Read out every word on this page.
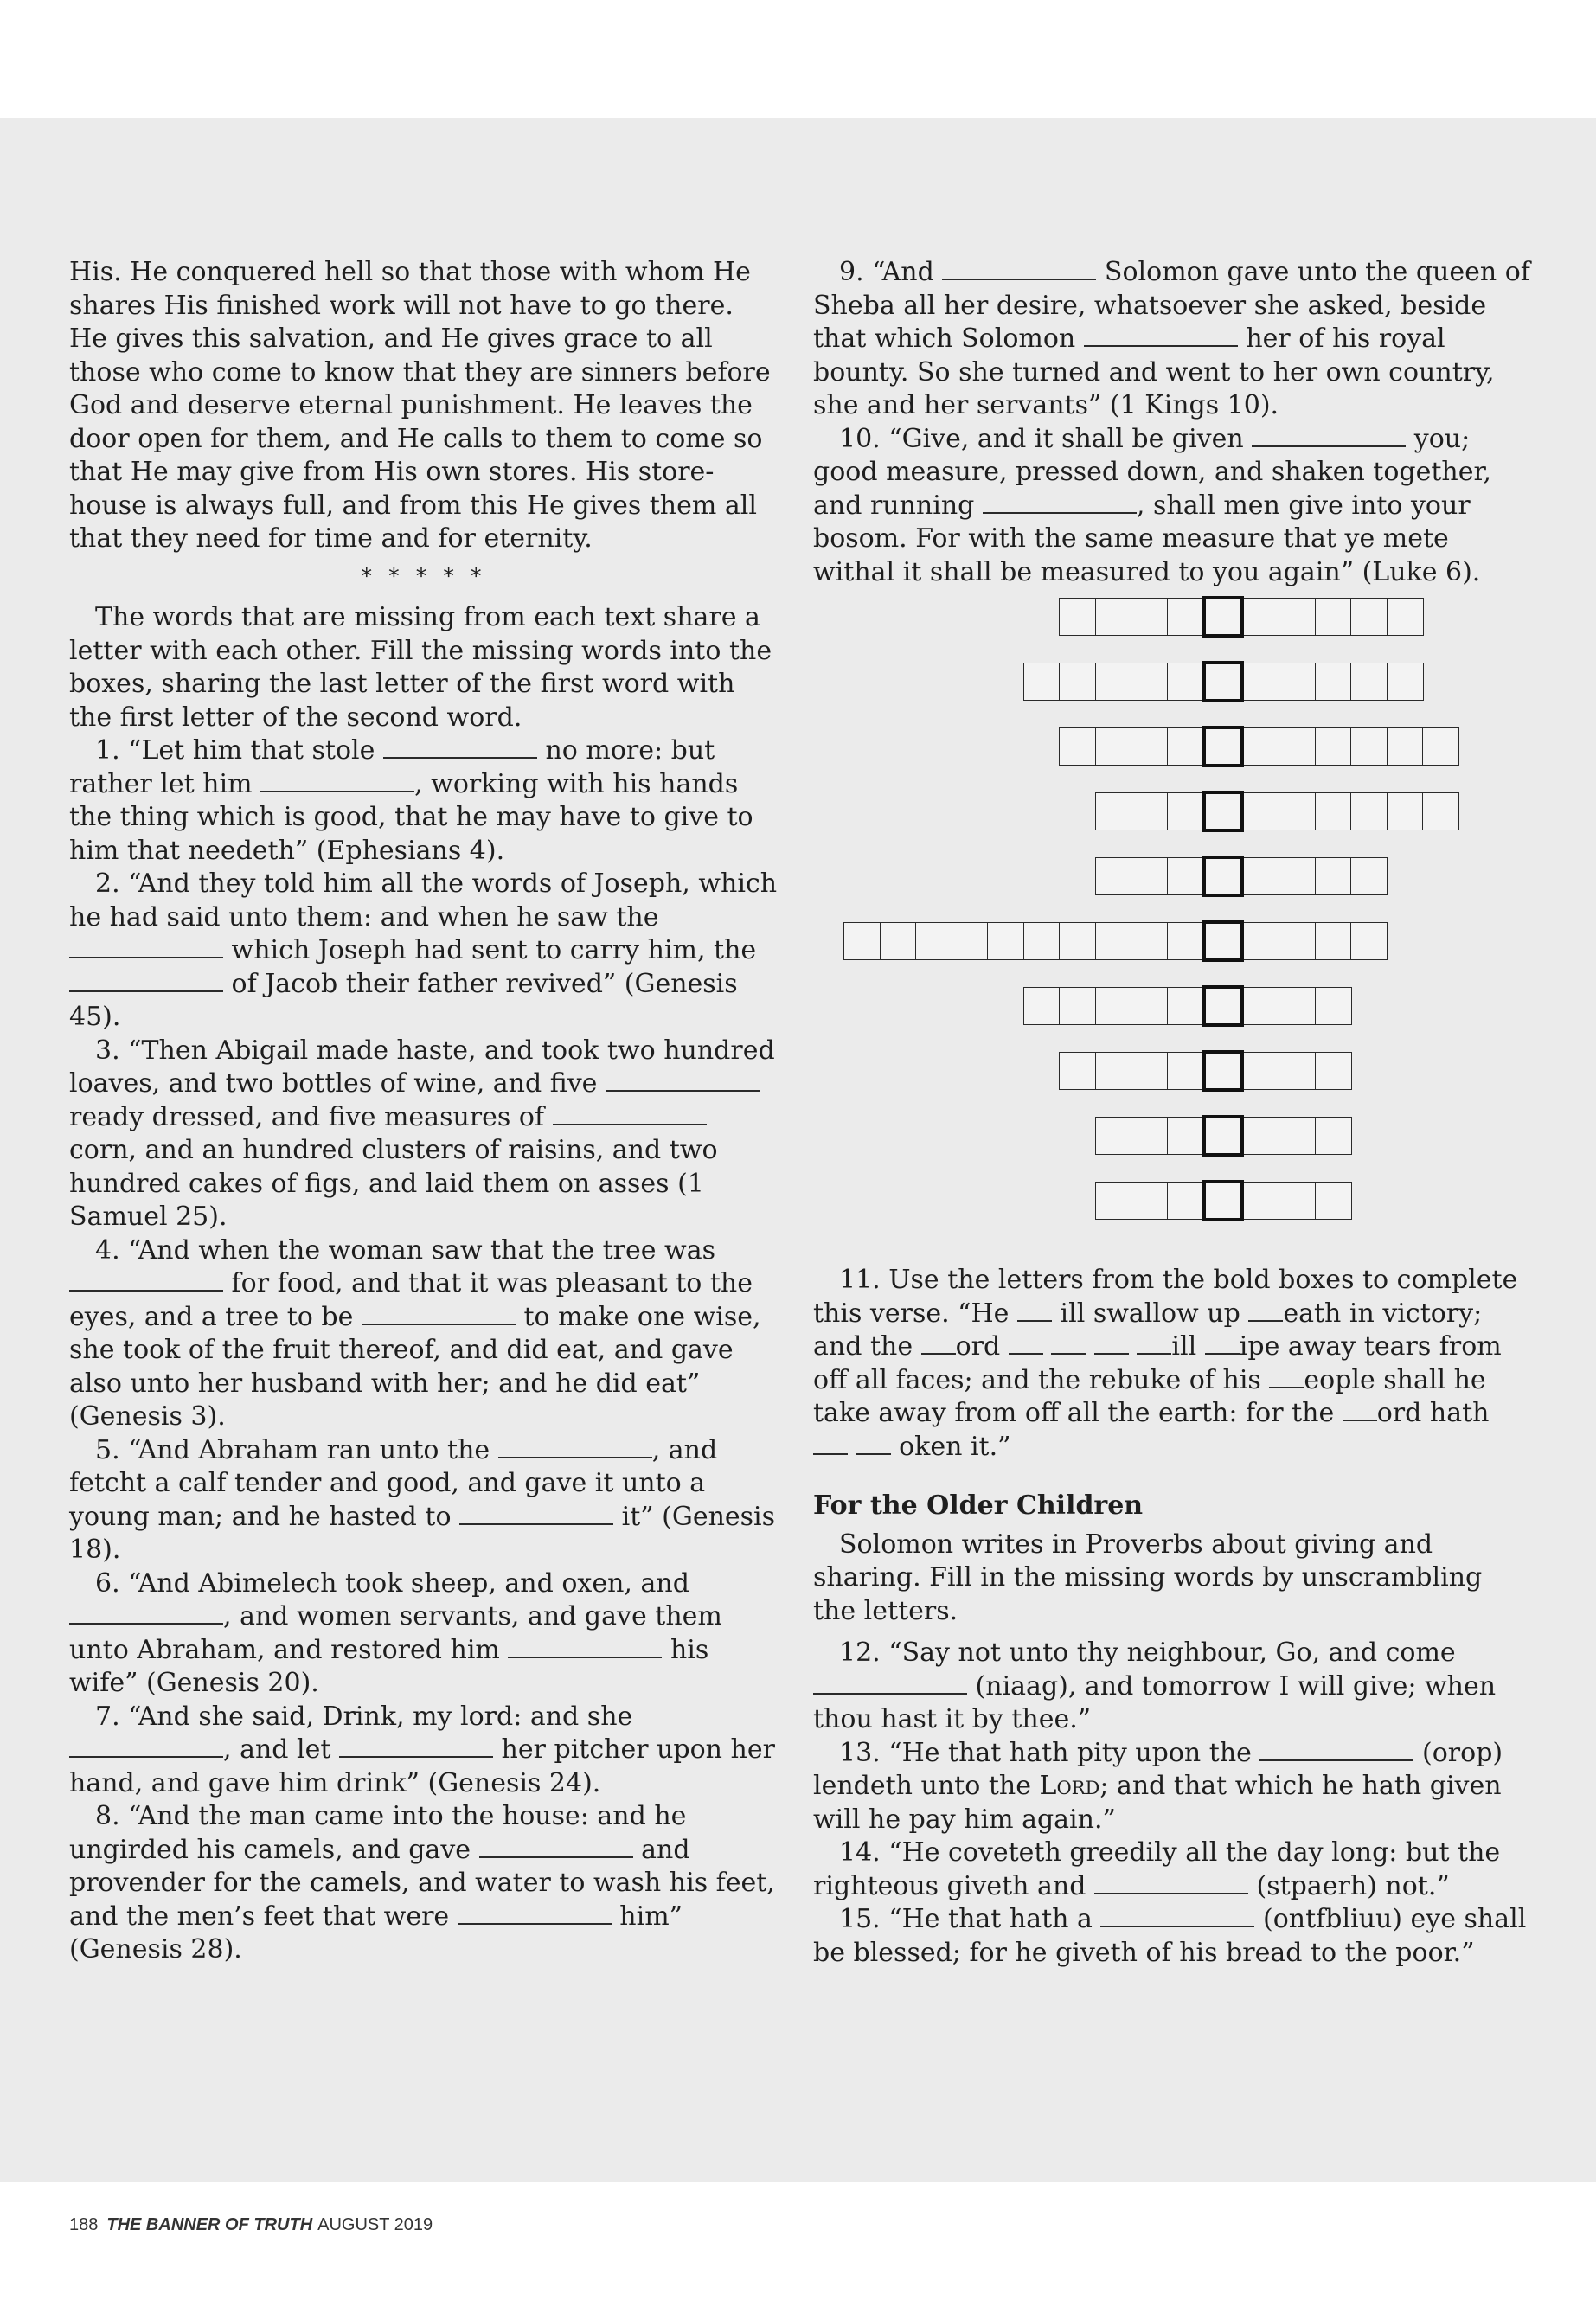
His. He conquered hell so that those with whom He shares His finished work will not have to go there. He gives this salvation, and He gives grace to all those who come to know that they are sinners before God and deserve eternal punishment. He leaves the door open for them, and He calls to them to come so that He may give from His own stores. His store-house is always full, and from this He gives them all that they need for time and for eternity.

* * * * *

The words that are missing from each text share a letter with each other. Fill the missing words into the boxes, sharing the last letter of the first word with the first letter of the second word.

1. “Let him that stole	no more: but rather let him	, working with his hands the thing which is good, that he may have to give to him that needeth” (Ephesians 4).

2. “And they told him all the words of Joseph, which he had said unto them: and when he saw the  which Joseph had sent to carry him, the  of Jacob their father revived” (Genesis 45).

3. “Then Abigail made haste, and took two hundred loaves, and two bottles of wine, and five  ready dressed, and five measures of  corn, and an hundred clusters of raisins, and two hundred cakes of figs, and laid them on asses (1 Samuel 25).

4. “And when the woman saw that the tree was  for food, and that it was pleasant to the eyes, and a tree to be	to make one wise, she took of the fruit thereof, and did eat, and gave also unto her husband with her; and he did eat” (Genesis 3).

5. “And Abraham ran unto the	, and fetcht a calf tender and good, and gave it unto a young man; and he hasted to	it” (Genesis 18).

6. “And Abimelech took sheep, and oxen, and , and women servants, and gave them unto Abraham, and restored him	his wife” (Genesis 20).

7. “And she said, Drink, my lord: and she , and let	her pitcher upon her hand, and gave him drink” (Genesis 24).

8. “And the man came into the house: and he ungirded his camels, and gave	and provender for the camels, and water to wash his feet, and the men’s feet that were	him” (Genesis 28).

9. “And	Solomon gave unto the queen of Sheba all her desire, whatsoever she asked, beside that which Solomon	her of his royal bounty. So she turned and went to her own country, she and her servants” (1 Kings 10).

10. “Give, and it shall be given	you; good measure, pressed down, and shaken together, and running	, shall men give into your bosom. For with the same measure that ye mete withal it shall be measured to you again” (Luke 6).

11. Use the letters from the bold boxes to complete this verse. “He ill swallow up eath in victory; and the ord	ill ipe away tears from off all faces; and the rebuke of his eople shall he take away from off all the earth: for the ord hath   oken it.”

For the Older Children

Solomon writes in Proverbs about giving and sharing. Fill in the missing words by unscrambling the letters.

12. “Say not unto thy neighbour, Go, and come  (niaag), and tomorrow I will give; when thou hast it by thee.”

13. “He that hath pity upon the	(orop) lendeth unto the Lord; and that which he hath given will he pay him again.”

14. “He coveteth greedily all the day long: but the righteous giveth and	(stpaerh) not.”

15. “He that hath a	(ontfbliuu) eye shall be blessed; for he giveth of his bread to the poor.”

188 THE BANNER OF TRUTH AUGUST 2019
